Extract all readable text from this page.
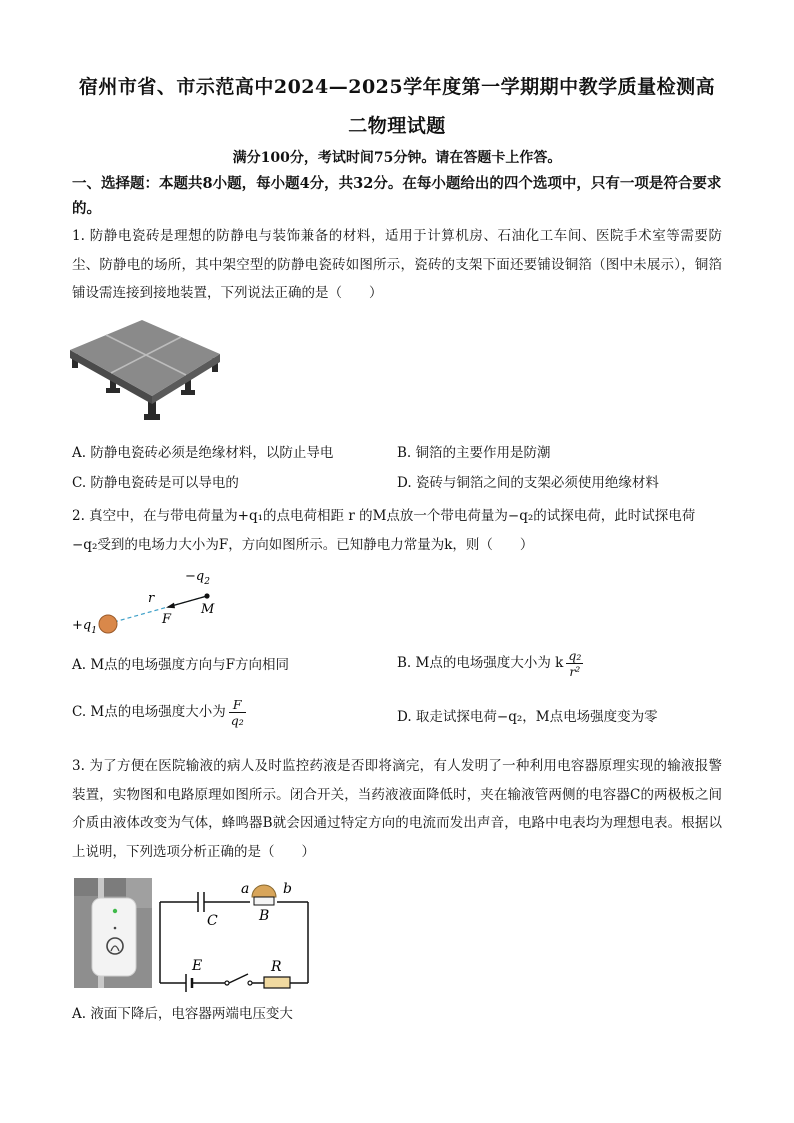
宿州市省、市示范高中2024—2025学年度第一学期期中教学质量检测高
二物理试题
满分100分，考试时间75分钟。请在答题卡上作答。
一、选择题：本题共8小题，每小题4分，共32分。在每小题给出的四个选项中，只有一项是符合要求的。
1. 防静电瓷砖是理想的防静电与装饰兼备的材料，适用于计算机房、石油化工车间、医院手术室等需要防尘、防静电的场所，其中架空型的防静电瓷砖如图所示，瓷砖的支架下面还要铺设铜箔（图中未展示），铜箔铺设需连接到接地装置，下列说法正确的是（　　）
A. 防静电瓷砖必须是绝缘材料，以防止导电	B. 铜箔的主要作用是防潮
C. 防静电瓷砖是可以导电的	D. 瓷砖与铜箔之间的支架必须使用绝缘材料
2. 真空中，在与带电荷量为+q₁的点电荷相距 r 的M点放一个带电荷量为−q₂的试探电荷，此时试探电荷
−q₂受到的电场力大小为F，方向如图所示。已知静电力常量为k，则（　　）
$-q_2$
r
M
F
$+q_1$
A. M点的电场强度方向与F方向相同	B. M点的电场强度大小为 k $\frac{\text{q₂}}{\text{r²}}$
C. M点的电场强度大小为 $\frac{F}{\text{q₂}}$	D. 取走试探电荷−q₂，M点电场强度变为零
3. 为了方便在医院输液的病人及时监控药液是否即将滴完，有人发明了一种利用电容器原理实现的输液报警装置，实物图和电路原理如图所示。闭合开关，当药液液面降低时，夹在输液管两侧的电容器C的两极板之间介质由液体改变为气体，蜂鸣器B就会因通过特定方向的电流而发出声音，电路中电表均为理想电表。根据以上说明，下列选项分析正确的是（　　）
a b
B
C
E	R
A. 液面下降后，电容器两端电压变大
